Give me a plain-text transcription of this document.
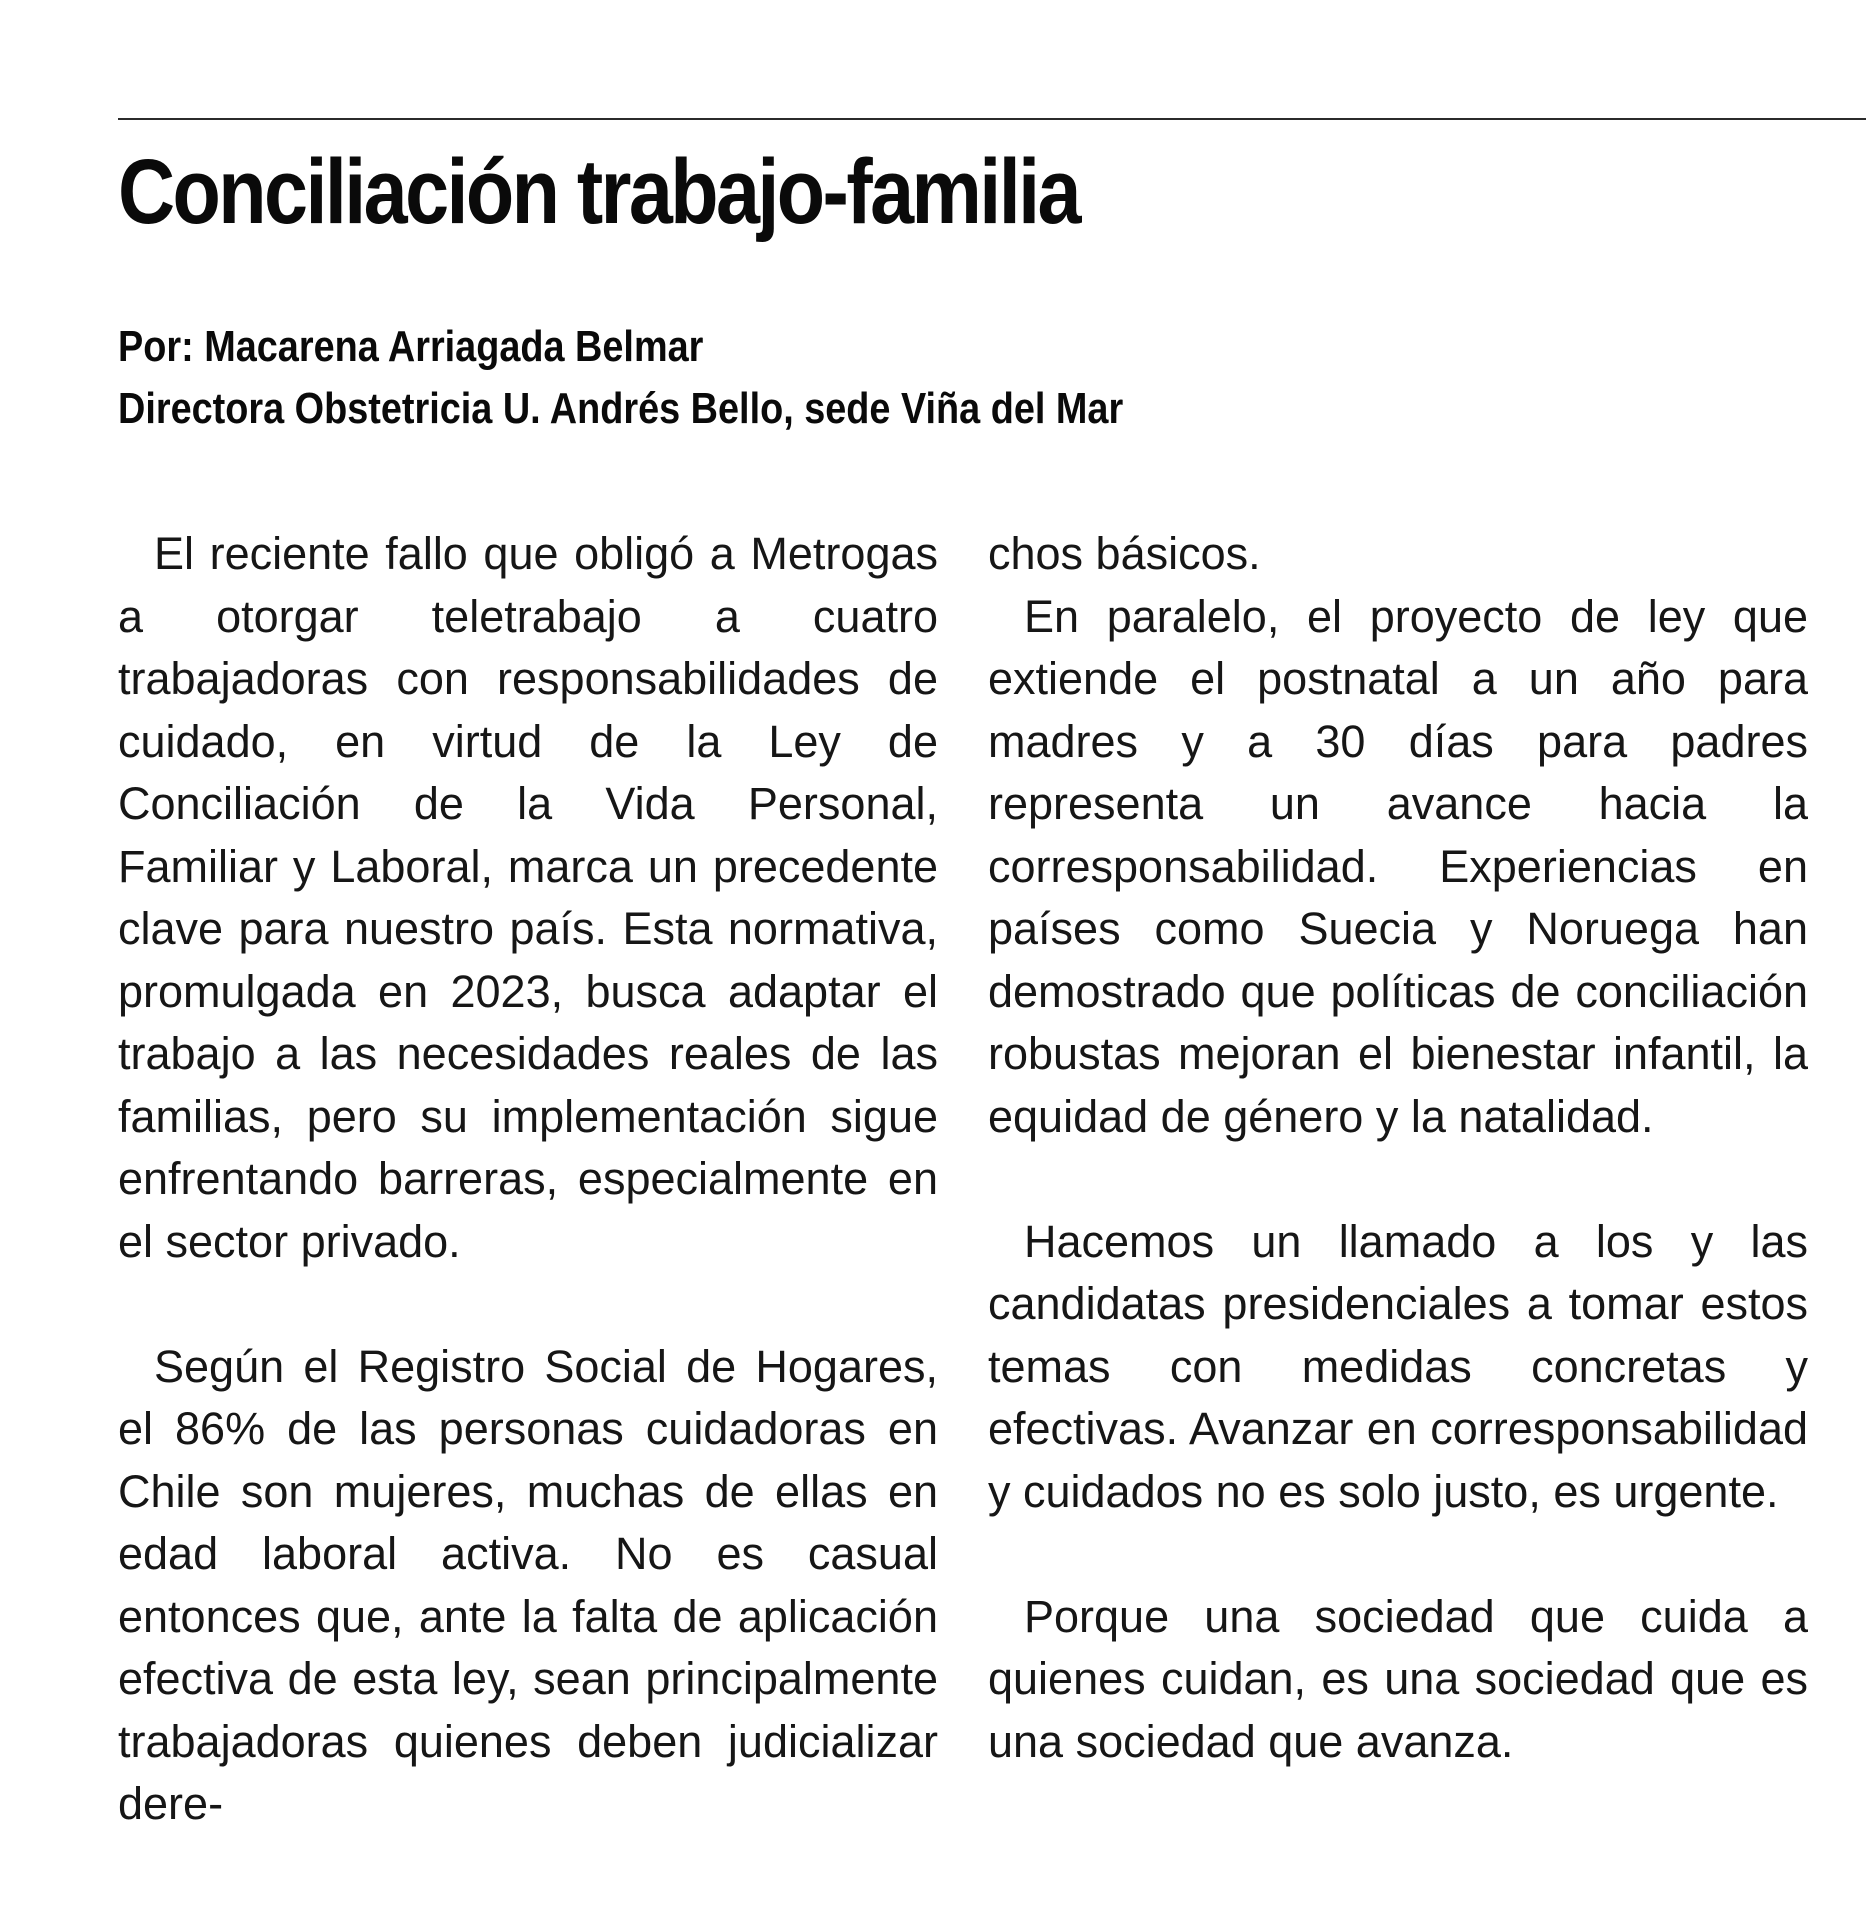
Conciliación trabajo-familia
Por: Macarena Arriagada Belmar
Directora Obstetricia U. Andrés Bello, sede Viña del Mar

El reciente fallo que obligó a Metrogas a otorgar teletrabajo a cuatro trabajadoras con responsabilidades de cuidado, en virtud de la Ley de Conciliación de la Vida Personal, Familiar y Laboral, marca un precedente clave para nuestro país. Esta normativa, promulgada en 2023, busca adaptar el trabajo a las necesidades reales de las familias, pero su implementación sigue enfrentando barreras, especialmente en el sector privado.

Según el Registro Social de Hogares, el 86% de las personas cuidadoras en Chile son mujeres, muchas de ellas en edad laboral activa. No es casual entonces que, ante la falta de aplicación efectiva de esta ley, sean principalmente trabajadoras quienes deben judicializar dere-

chos básicos.

En paralelo, el proyecto de ley que extiende el postnatal a un año para madres y a 30 días para padres representa un avance hacia la corresponsabilidad. Experiencias en países como Suecia y Noruega han demostrado que políticas de conciliación robustas mejoran el bienestar infantil, la equidad de género y la natalidad.

Hacemos un llamado a los y las candidatas presidenciales a tomar estos temas con medidas concretas y efectivas. Avanzar en corresponsabilidad y cuidados no es solo justo, es urgente.

Porque una sociedad que cuida a quienes cuidan, es una sociedad que es una sociedad que avanza.
